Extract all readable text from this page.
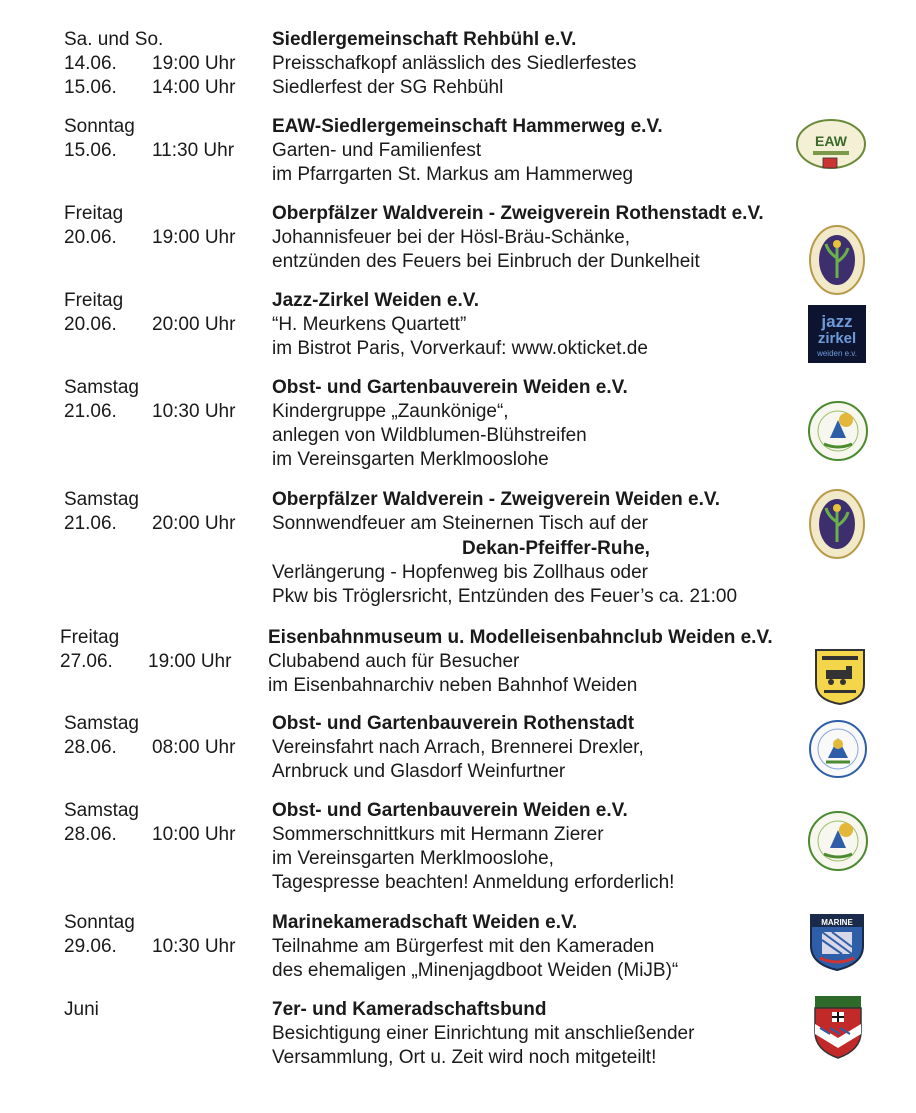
Sa. und So.	Siedlergemeinschaft Rehbühl e.V.
14.06. 19:00 Uhr Preisschafkopf anlässlich des Siedlerfestes
15.06. 14:00 Uhr Siedlerfest der SG Rehbühl
Sonntag	EAW-Siedlergemeinschaft Hammerweg e.V.
15.06. 11:30 Uhr Garten- und Familienfest
im Pfarrgarten St. Markus am Hammerweg
EAW
Freitag	Oberpfälzer Waldverein - Zweigverein Rothenstadt e.V.
20.06. 19:00 Uhr Johannisfeuer bei der Hösl-Bräu-Schänke,
entzünden des Feuers bei Einbruch der Dunkelheit
Freitag	Jazz-Zirkel Weiden e.V.
20.06. 20:00 Uhr “H. Meurkens Quartett”
im Bistrot Paris, Vorverkauf: www.okticket.de
jazz
zirkel
weiden e.v.
Samstag	Obst- und Gartenbauverein Weiden e.V.
21.06. 10:30 Uhr Kindergruppe „Zaunkönige“,
anlegen von Wildblumen-Blühstreifen
im Vereinsgarten Merklmooslohe
Samstag	Oberpfälzer Waldverein - Zweigverein Weiden e.V.
21.06. 20:00 Uhr Sonnwendfeuer am Steinernen Tisch auf der
Dekan-Pfeiffer-Ruhe,
Verlängerung - Hopfenweg bis Zollhaus oder
Pkw bis Tröglersricht, Entzünden des Feuer’s ca. 21:00
Freitag	Eisenbahnmuseum u. Modelleisenbahnclub Weiden e.V.
27.06. 19:00 Uhr Clubabend auch für Besucher
im Eisenbahnarchiv neben Bahnhof Weiden
Samstag	Obst- und Gartenbauverein Rothenstadt
28.06. 08:00 Uhr Vereinsfahrt nach Arrach, Brennerei Drexler,
Arnbruck und Glasdorf Weinfurtner
Samstag	Obst- und Gartenbauverein Weiden e.V.
28.06. 10:00 Uhr Sommerschnittkurs mit Hermann Zierer
im Vereinsgarten Merklmooslohe,
Tagespresse beachten! Anmeldung erforderlich!
Sonntag	Marinekameradschaft Weiden e.V.
29.06. 10:30 Uhr Teilnahme am Bürgerfest mit den Kameraden
des ehemaligen „Minenjagdboot Weiden (MiJB)“
MARINE
Juni	7er- und Kameradschaftsbund
Besichtigung einer Einrichtung mit anschließender
Versammlung, Ort u. Zeit wird noch mitgeteilt!
